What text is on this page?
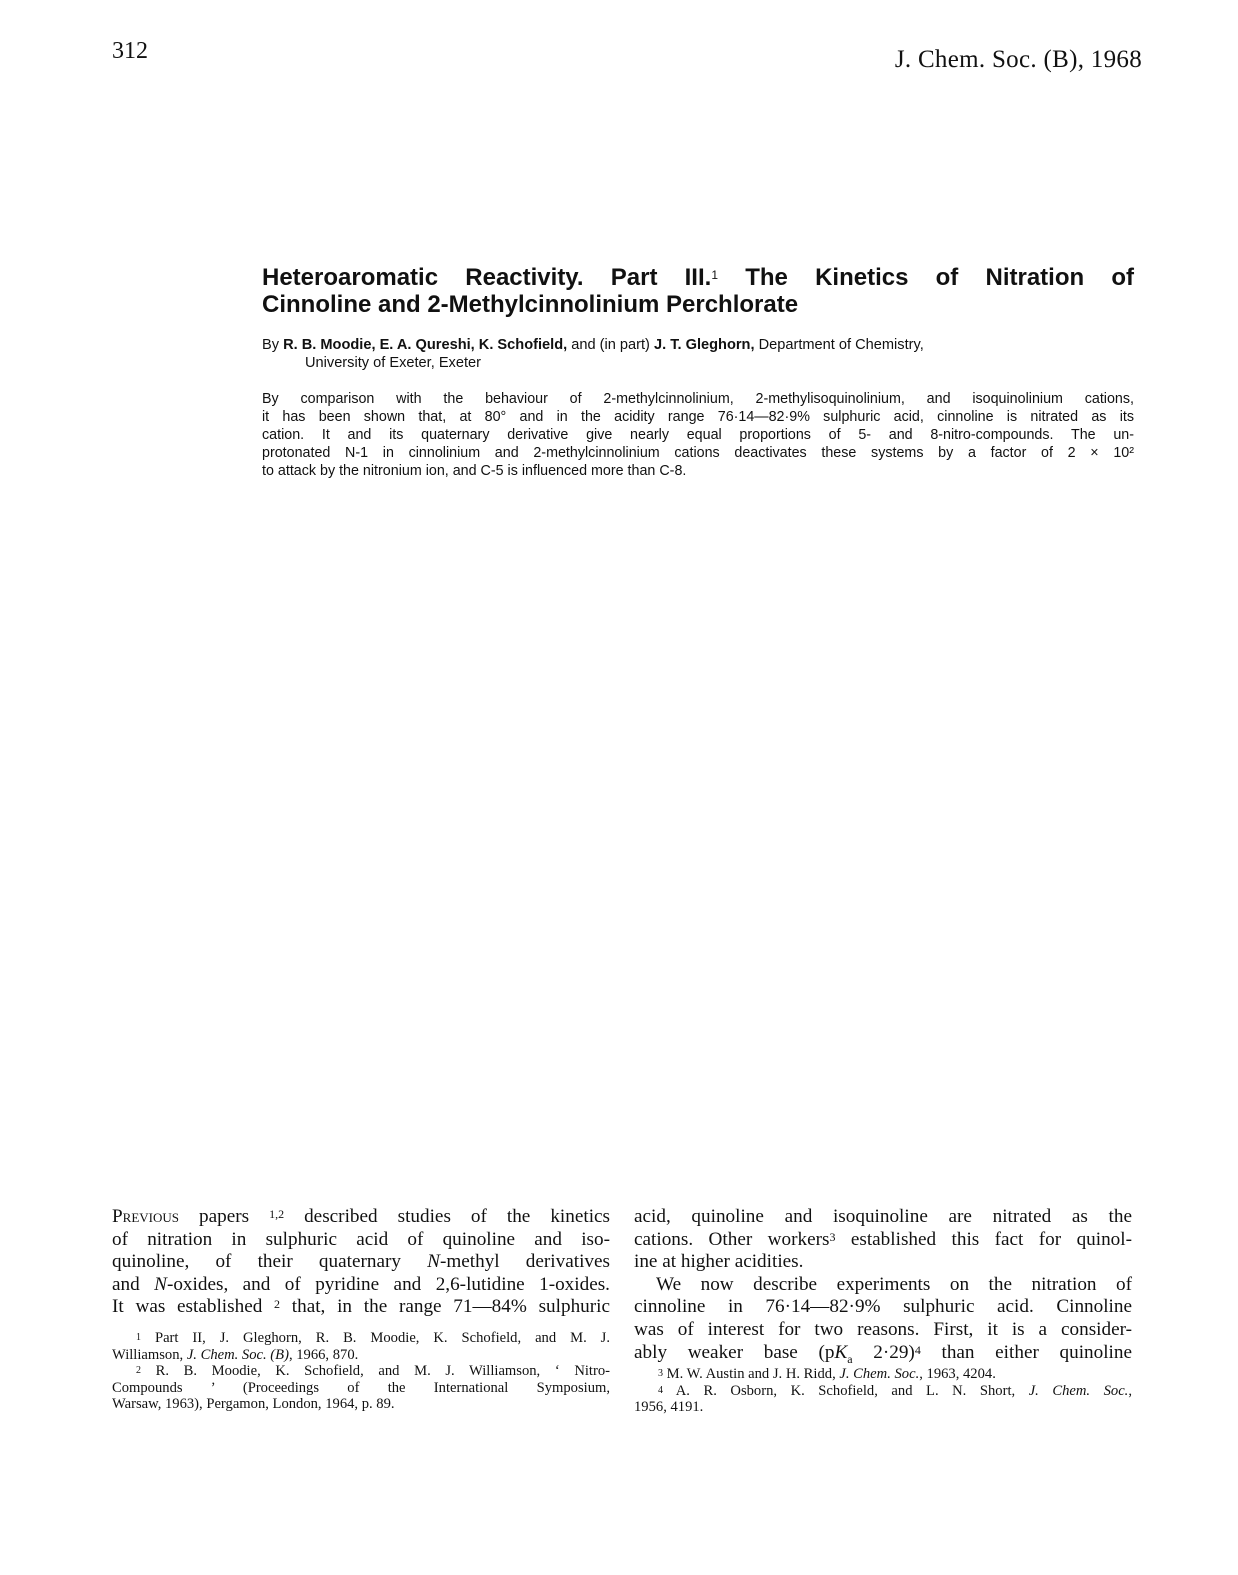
312	J. Chem. Soc. (B), 1968
Heteroaromatic Reactivity. Part III.$^1$ The Kinetics of Nitration of
Cinnoline and 2-Methylcinnolinium Perchlorate
By R. B. Moodie, E. A. Qureshi, K. Schofield, and (in part) J. T. Gleghorn, Department of Chemistry,
University of Exeter, Exeter
By comparison with the behaviour of 2-methylcinnolinium, 2-methylisoquinolinium, and isoquinolinium cations,
it has been shown that, at 80° and in the acidity range 76·14—82·9% sulphuric acid, cinnoline is nitrated as its
cation. It and its quaternary derivative give nearly equal proportions of 5- and 8-nitro-compounds. The un-
protonated N-1 in cinnolinium and 2-methylcinnolinium cations deactivates these systems by a factor of 2 × 10²
to attack by the nitronium ion, and C-5 is influenced more than C-8.
Previous papers $^{1,2}$ described studies of the kinetics
of nitration in sulphuric acid of quinoline and iso-
quinoline, of their quaternary N-methyl derivatives
and N-oxides, and of pyridine and 2,6-lutidine 1-oxides.
It was established $^2$ that, in the range 71—84% sulphuric
acid, quinoline and isoquinoline are nitrated as the
cations. Other workers$^3$ established this fact for quinol-
ine at higher acidities.
We now describe experiments on the nitration of
cinnoline in 76·14—82·9% sulphuric acid. Cinnoline
was of interest for two reasons. First, it is a consider-
ably weaker base ($pK_a$ 2·29)$^4$ than either quinoline
$^1$ Part II, J. Gleghorn, R. B. Moodie, K. Schofield, and M. J.
Williamson, J. Chem. Soc. (B), 1966, 870.
$^2$ R. B. Moodie, K. Schofield, and M. J. Williamson, ‘ Nitro-
Compounds ’ (Proceedings of the International Symposium,
Warsaw, 1963), Pergamon, London, 1964, p. 89.
$^3$ M. W. Austin and J. H. Ridd, J. Chem. Soc., 1963, 4204.
$^4$ A. R. Osborn, K. Schofield, and L. N. Short, J. Chem. Soc.,
1956, 4191.
